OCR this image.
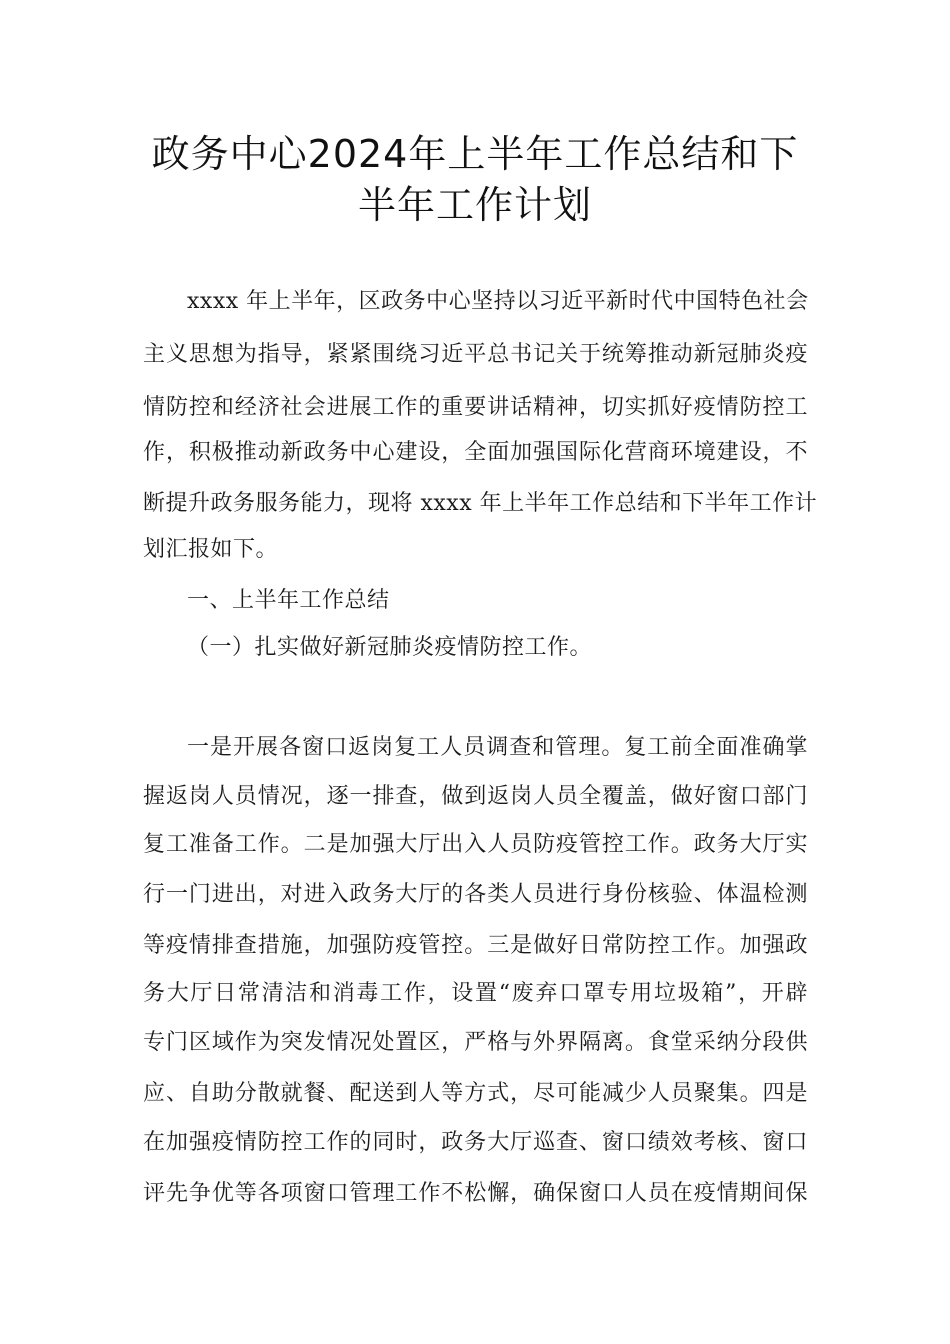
政务中心2024年上半年工作总结和下
半年工作计划
xxxx 年上半年，区政务中心坚持以习近平新时代中国特色社会
主义思想为指导，紧紧围绕习近平总书记关于统筹推动新冠肺炎疫
情防控和经济社会进展工作的重要讲话精神，切实抓好疫情防控工
作，积极推动新政务中心建设，全面加强国际化营商环境建设，不
断提升政务服务能力，现将 xxxx 年上半年工作总结和下半年工作计
划汇报如下。
一、上半年工作总结
（一）扎实做好新冠肺炎疫情防控工作。
一是开展各窗口返岗复工人员调查和管理。复工前全面准确掌
握返岗人员情况，逐一排查，做到返岗人员全覆盖，做好窗口部门
复工准备工作。二是加强大厅出入人员防疫管控工作。政务大厅实
行一门进出，对进入政务大厅的各类人员进行身份核验、体温检测
等疫情排查措施，加强防疫管控。三是做好日常防控工作。加强政
务大厅日常清洁和消毒工作，设置“废弃口罩专用垃圾箱”，开辟
专门区域作为突发情况处置区，严格与外界隔离。食堂采纳分段供
应、自助分散就餐、配送到人等方式，尽可能减少人员聚集。四是
在加强疫情防控工作的同时，政务大厅巡查、窗口绩效考核、窗口
评先争优等各项窗口管理工作不松懈，确保窗口人员在疫情期间保
